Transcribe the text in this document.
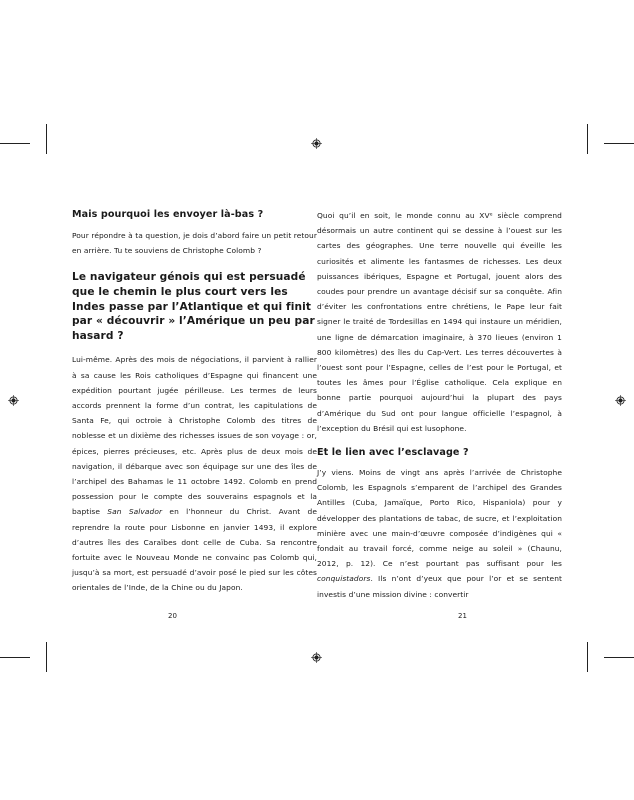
Mais pourquoi les envoyer là-bas ?

Pour répondre à ta question, je dois d’abord faire un petit retour en arrière. Tu te souviens de Christophe Colomb ?

Le navigateur génois qui est persuadé que le chemin le plus court vers les Indes passe par l’Atlantique et qui finit par « découvrir » l’Amérique un peu par hasard ?

Lui-même. Après des mois de négociations, il parvient à rallier à sa cause les Rois catholiques d’Espagne qui financent une expédition pourtant jugée périlleuse. Les termes de leurs accords prennent la forme d’un contrat, les capitulations de Santa Fe, qui octroie à Christophe Colomb des titres de noblesse et un dixième des richesses issues de son voyage : or, épices, pierres précieuses, etc. Après plus de deux mois de navigation, il débarque avec son équipage sur une des îles de l’archipel des Bahamas le 11 octobre 1492. Colomb en prend possession pour le compte des souverains espagnols et la baptise San Salvador en l’honneur du Christ. Avant de reprendre la route pour Lisbonne en janvier 1493, il explore d’autres îles des Caraïbes dont celle de Cuba. Sa rencontre fortuite avec le Nouveau Monde ne convainc pas Colomb qui, jusqu’à sa mort, est persuadé d’avoir posé le pied sur les côtes orientales de l’Inde, de la Chine ou du Japon.

20

Quoi qu’il en soit, le monde connu au XVᵉ siècle comprend désormais un autre continent qui se dessine à l’ouest sur les cartes des géographes. Une terre nouvelle qui éveille les curiosités et alimente les fantasmes de richesses. Les deux puissances ibériques, Espagne et Portugal, jouent alors des coudes pour prendre un avantage décisif sur sa conquête. Afin d’éviter les confrontations entre chrétiens, le Pape leur fait signer le traité de Tordesillas en 1494 qui instaure un méridien, une ligne de démarcation imaginaire, à 370 lieues (environ 1 800 kilomètres) des îles du Cap-Vert. Les terres découvertes à l’ouest sont pour l’Espagne, celles de l’est pour le Portugal, et toutes les âmes pour l’Église catholique. Cela explique en bonne partie pourquoi aujourd’hui la plupart des pays d’Amérique du Sud ont pour langue officielle l’espagnol, à l’exception du Brésil qui est lusophone.

Et le lien avec l’esclavage ?

J’y viens. Moins de vingt ans après l’arrivée de Christophe Colomb, les Espagnols s’emparent de l’archipel des Grandes Antilles (Cuba, Jamaïque, Porto Rico, Hispaniola) pour y développer des plantations de tabac, de sucre, et l’exploitation minière avec une main-d’œuvre composée d’indigènes qui « fondait au travail forcé, comme neige au soleil » (Chaunu, 2012, p. 12). Ce n’est pourtant pas suffisant pour les conquistadors. Ils n’ont d’yeux que pour l’or et se sentent investis d’une mission divine : convertir

21
